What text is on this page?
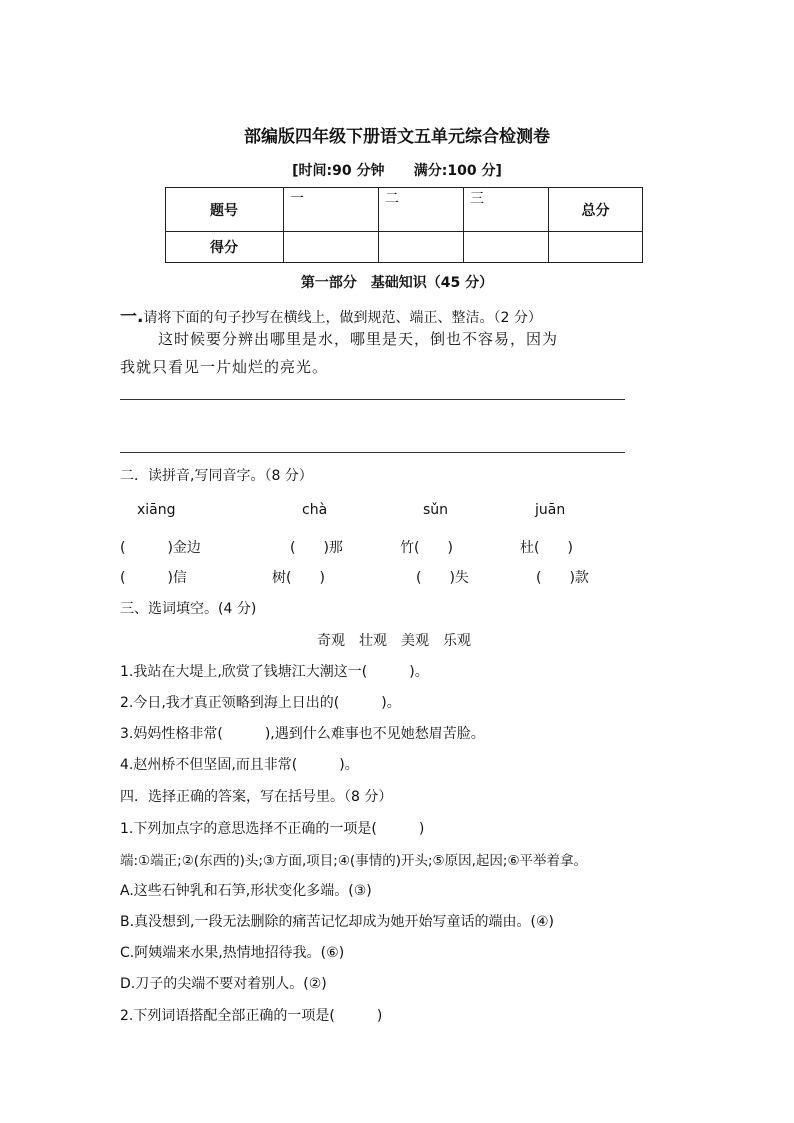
部编版四年级下册语文五单元综合检测卷
[时间:90 分钟 满分:100 分]
题号	一	二	三	总分
得分				
第一部分　基础知识（45 分）
一.请将下面的句子抄写在横线上，做到规范、端正、整洁。（2 分）
这时候要分辨出哪里是水，哪里是天，倒也不容易，因为
我就只看见一片灿烂的亮光。
二．读拼音,写同音字。（8 分）
xiāng	chà	sǔn	juān
(　　　)金边	(　　)那	竹(　　)	杜(　　)
(　　　)信	树(　　)	(　　)失	(　　)款
三、选词填空。(4 分)
奇观　壮观　美观　乐观
1.我站在大堤上,欣赏了钱塘江大潮这一(　　　)。
2.今日,我才真正领略到海上日出的(　　　)。
3.妈妈性格非常(　　　),遇到什么难事也不见她愁眉苦脸。
4.赵州桥不但坚固,而且非常(　　　)。
四．选择正确的答案，写在括号里。（8 分）
1.下列加点字的意思选择不正确的一项是(　　　)
端:①端正;②(东西的)头;③方面,项目;④(事情的)开头;⑤原因,起因;⑥平举着拿。
A.这些石钟乳和石笋,形状变化多端。(③)
B.真没想到,一段无法删除的痛苦记忆却成为她开始写童话的端由。(④)
C.阿姨端来水果,热情地招待我。(⑥)
D.刀子的尖端不要对着别人。(②)
2.下列词语搭配全部正确的一项是(　　　)
